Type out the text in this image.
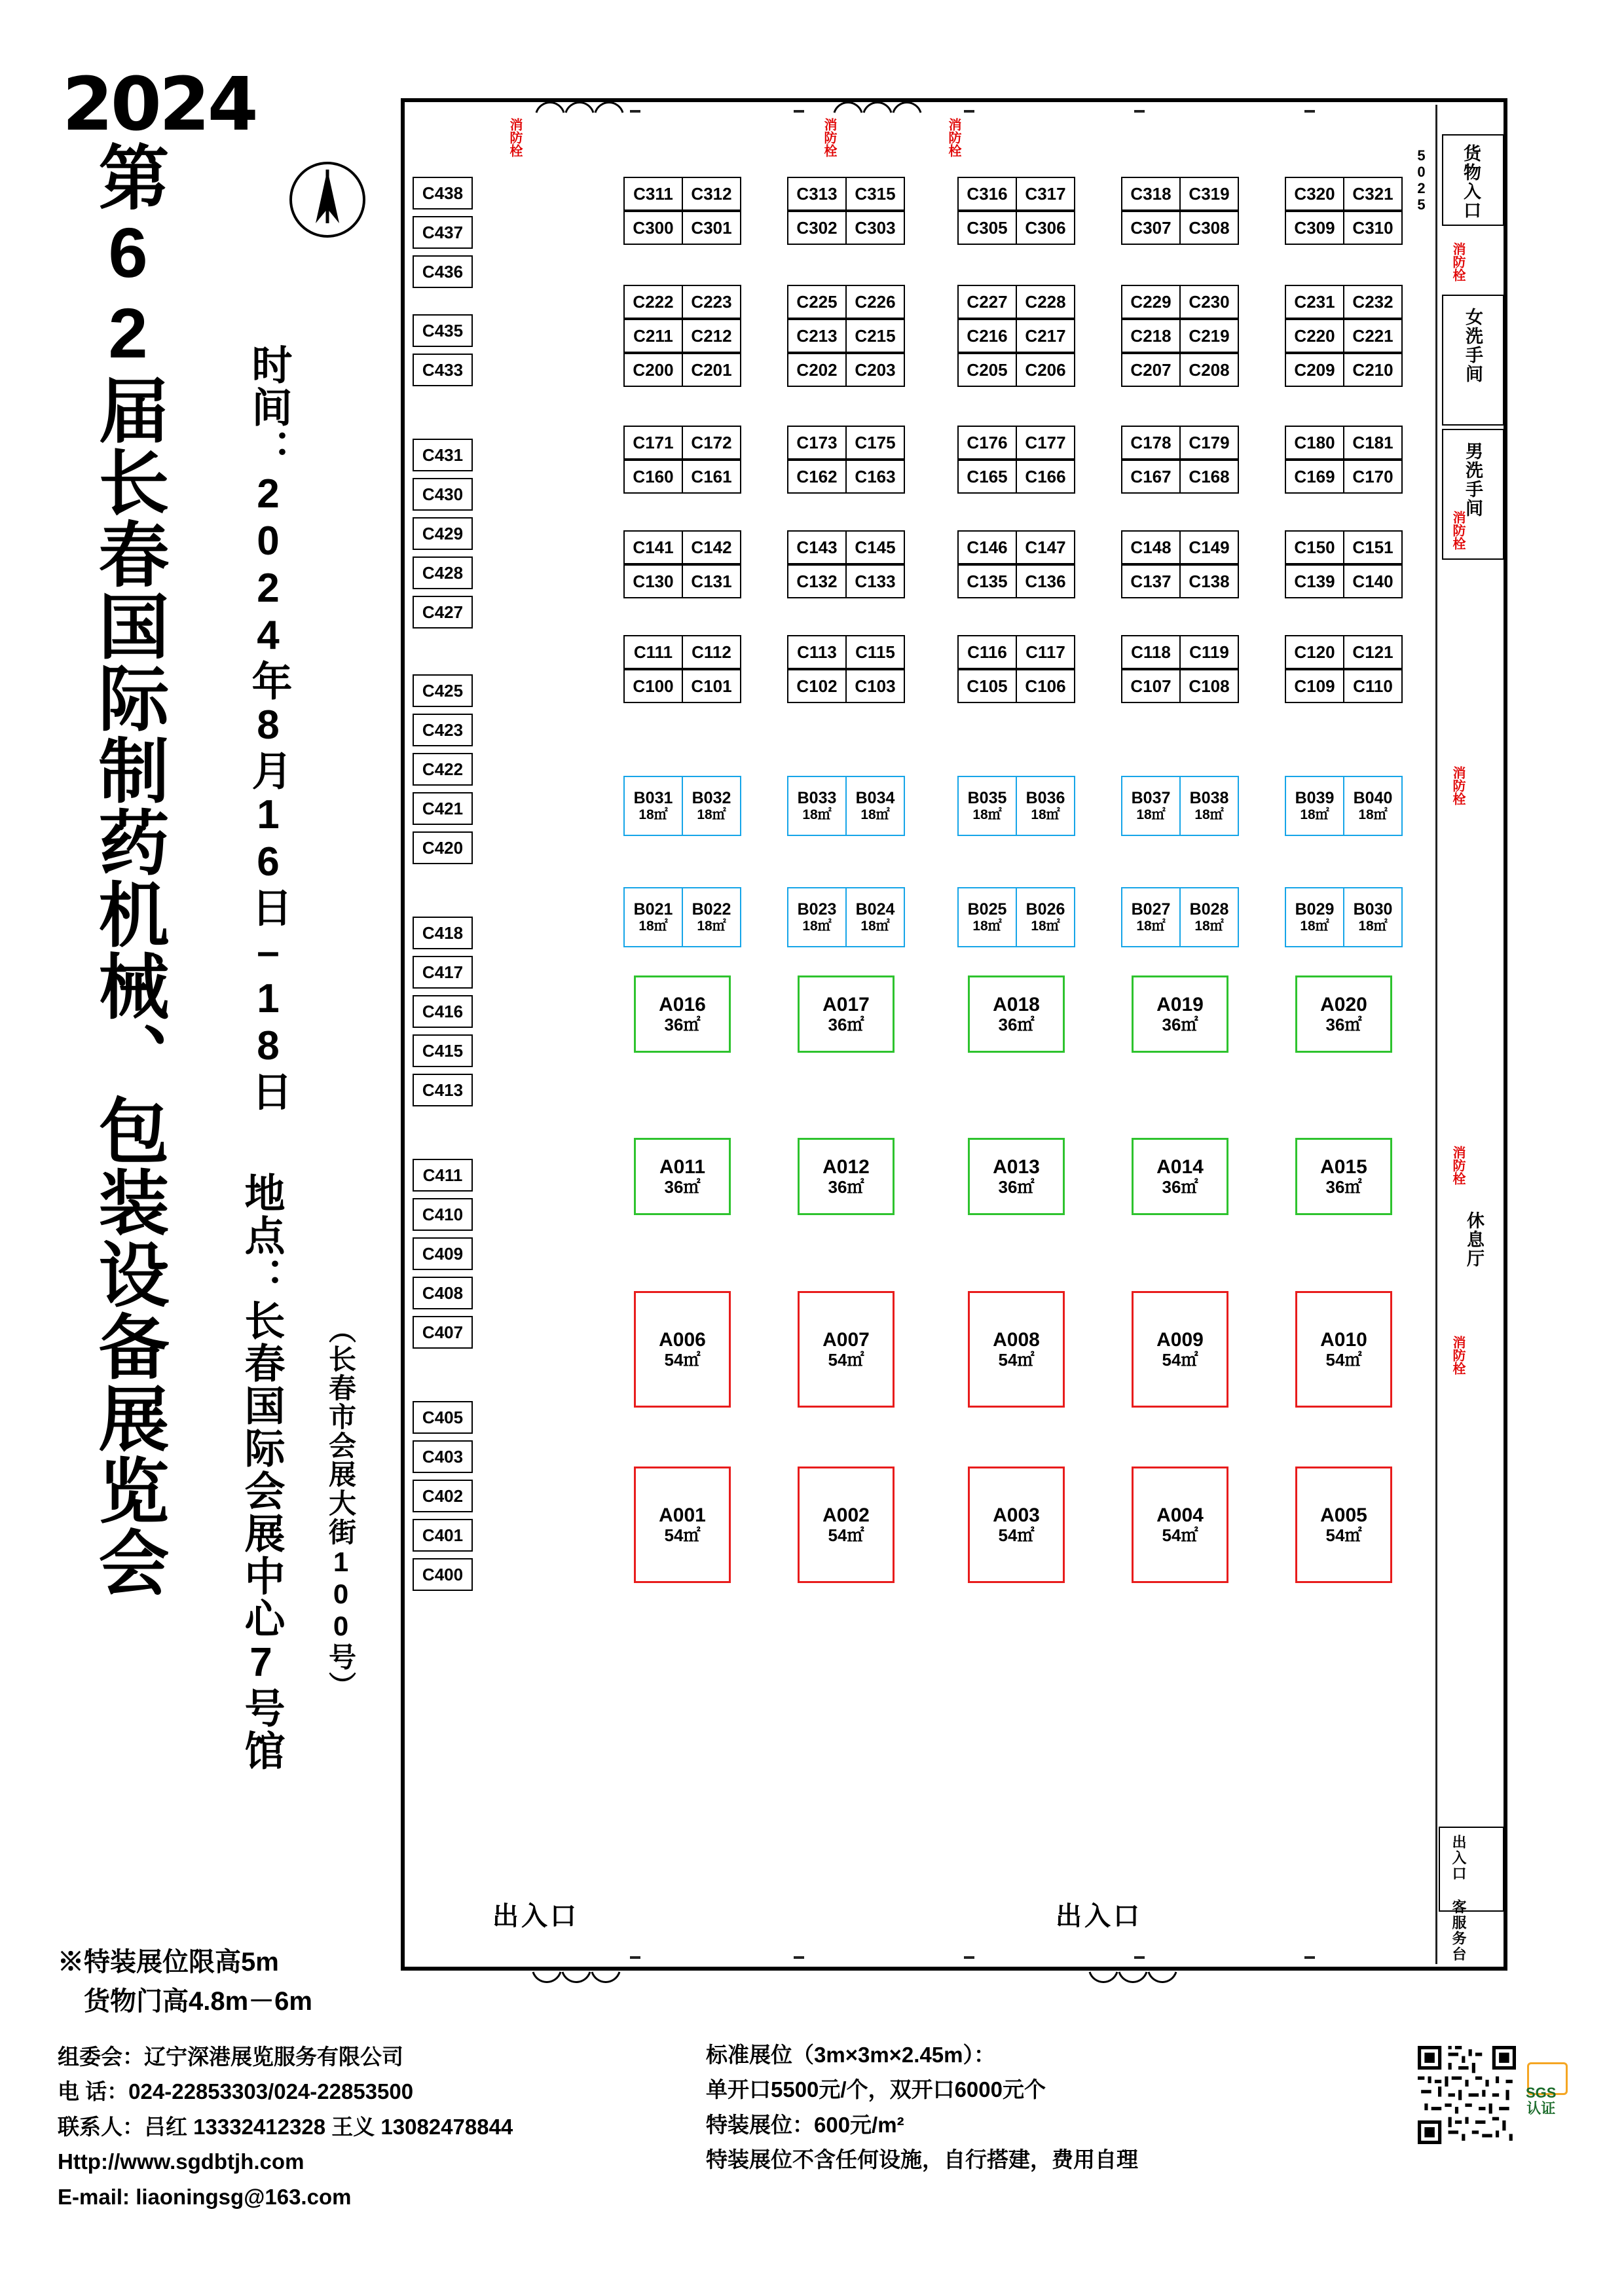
2024
第62届长春国际制药机械、包装设备展览会	时间：2024年8月16日–18日
地点：长春国际会展中心7号馆	（长春市会展大街100号）
※特装展位限高5m
货物门高4.8m－6m
组委会：辽宁深港展览服务有限公司
电 话：024-22853303/024-22853500
联系人：吕红 13332412328 王义 13082478844
Http://www.sgdbtjh.com
E-mail: liaoningsg@163.com
标准展位（3m×3m×2.45m）：
单开口5500元/个，双开口6000元个
特装展位：600元/m²
特装展位不含任何设施，自行搭建，费用自理
SGS
认证
C438
C437
C436
C435
C433
C431
C430
C429
C428
C427
C425
C423
C422
C421
C420
C418
C417
C416
C415
C413
C411
C410
C409
C408
C407
C405
C403
C402
C401
C400
C311	C312	C313	C315	C316	C317	C318	C319	C320	C321
C300	C301	C302	C303	C305	C306	C307	C308	C309	C310
C222	C223	C225	C226	C227	C228	C229	C230	C231	C232
C211	C212	C213	C215	C216	C217	C218	C219	C220	C221
C200	C201	C202	C203	C205	C206	C207	C208	C209	C210
C171	C172	C173	C175	C176	C177	C178	C179	C180	C181
C160	C161	C162	C163	C165	C166	C167	C168	C169	C170
C141	C142	C143	C145	C146	C147	C148	C149	C150	C151
C130	C131	C132	C133	C135	C136	C137	C138	C139	C140
C111	C112	C113	C115	C116	C117	C118	C119	C120	C121
C100	C101	C102	C103	C105	C106	C107	C108	C109	C110
B031
18㎡
B032
18㎡
B033
18㎡
B034
18㎡
B035
18㎡
B036
18㎡
B037
18㎡
B038
18㎡
B039
18㎡
B040
18㎡
B021
18㎡
B022
18㎡
B023
18㎡
B024
18㎡
B025
18㎡
B026
18㎡
B027
18㎡
B028
18㎡
B029
18㎡
B030
18㎡
A016
36㎡
A017
36㎡
A018
36㎡
A019
36㎡
A020
36㎡
A011
36㎡
A012
36㎡
A013
36㎡
A014
36㎡
A015
36㎡
A006
54㎡
A007
54㎡
A008
54㎡
A009
54㎡
A010
54㎡
A001
54㎡
A002
54㎡
A003
54㎡
A004
54㎡
A005
54㎡
出入口	出入口
货物入口
5025
女洗手间
男洗手间
休息厅
出入口 客服务台
消防栓	消防栓	消防栓
消防栓
消防栓
消防栓
消防栓
消防栓
